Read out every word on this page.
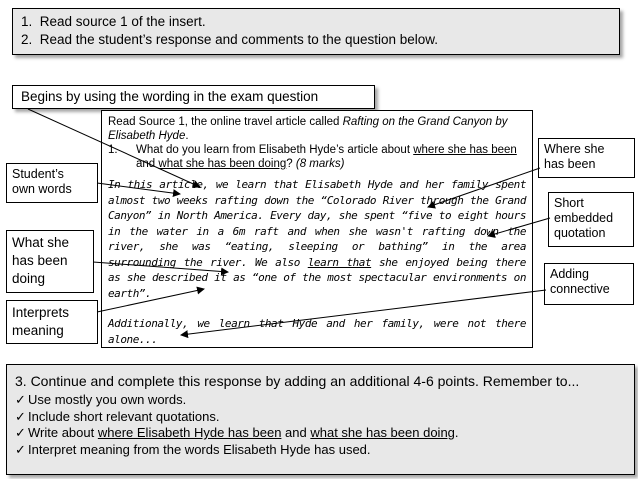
1. Read source 1 of the insert.
2. Read the student’s response and comments to the question below.
Begins by using the wording in the exam question
Read Source 1, the online travel article called Rafting on the Grand Canyon by Elisabeth Hyde.
1. What do you learn from Elisabeth Hyde’s article about where she has been and what she has been doing? (8 marks)

In this article, we learn that Elisabeth Hyde and her family spent almost two weeks rafting down the “Colorado River through the Grand Canyon” in North America. Every day, she spent “five to eight hours in the water in a 6m raft and when she wasn't rafting down the river, she was “eating, sleeping or bathing” in the area surrounding the river. We also learn that she enjoyed being there as she described it as “one of the most spectacular environments on earth”.

Additionally, we learn that Hyde and her family, were not there alone...

Student’s
own words
Where she
has been
Short
embedded
quotation
What she
has been
doing	Adding
connective
Interprets
meaning
3. Continue and complete this response by adding an additional 4-6 points. Remember to...
✓ Use mostly you own words.
✓ Include short relevant quotations.
✓ Write about where Elisabeth Hyde has been and what she has been doing.
✓ Interpret meaning from the words Elisabeth Hyde has used.
